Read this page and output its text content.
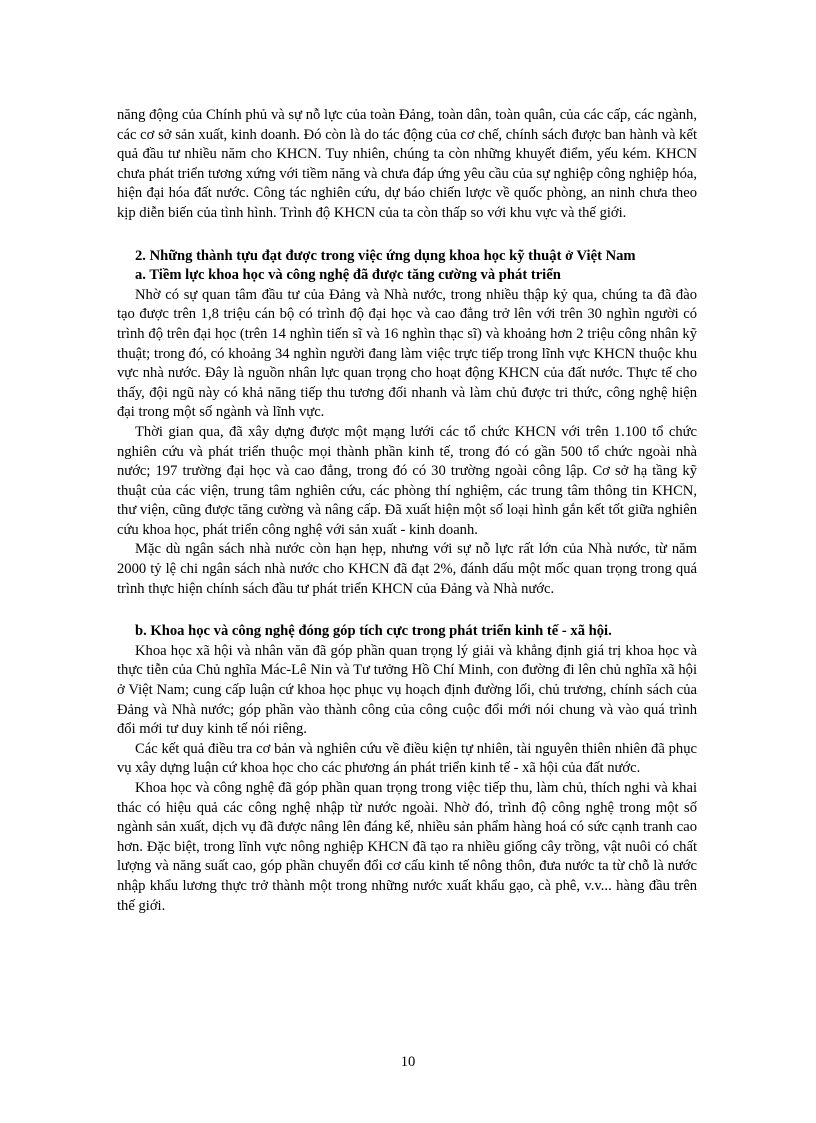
năng động của Chính phủ và sự nỗ lực của toàn Đảng, toàn dân, toàn quân, của các cấp, các ngành, các cơ sở sản xuất, kinh doanh. Đó còn là do tác động của cơ chế, chính sách được ban hành và kết quả đầu tư nhiều năm cho KHCN. Tuy nhiên, chúng ta còn những khuyết điểm, yếu kém. KHCN chưa phát triển tương xứng với tiềm năng và chưa đáp ứng yêu cầu của sự nghiệp công nghiệp hóa, hiện đại hóa đất nước. Công tác nghiên cứu, dự báo chiến lược về quốc phòng, an ninh chưa theo kịp diễn biến của tình hình. Trình độ KHCN của ta còn thấp so với khu vực và thế giới.

2. Những thành tựu đạt được trong việc ứng dụng khoa học kỹ thuật ở Việt Nam

a. Tiềm lực khoa học và công nghệ đã được tăng cường và phát triển

Nhờ có sự quan tâm đầu tư của Đảng và Nhà nước, trong nhiều thập kỷ qua, chúng ta đã đào tạo được trên 1,8 triệu cán bộ có trình độ đại học và cao đẳng trở lên với trên 30 nghìn người có trình độ trên đại học (trên 14 nghìn tiến sĩ và 16 nghìn thạc sĩ) và khoảng hơn 2 triệu công nhân kỹ thuật; trong đó, có khoảng 34 nghìn người đang làm việc trực tiếp trong lĩnh vực KHCN thuộc khu vực nhà nước. Đây là nguồn nhân lực quan trọng cho hoạt động KHCN của đất nước. Thực tế cho thấy, đội ngũ này có khả năng tiếp thu tương đối nhanh và làm chủ được tri thức, công nghệ hiện đại trong một số ngành và lĩnh vực.

Thời gian qua, đã xây dựng được một mạng lưới các tổ chức KHCN với trên 1.100 tổ chức nghiên cứu và phát triển thuộc mọi thành phần kinh tế, trong đó có gần 500 tổ chức ngoài nhà nước; 197 trường đại học và cao đẳng, trong đó có 30 trường ngoài công lập. Cơ sở hạ tầng kỹ thuật của các viện, trung tâm nghiên cứu, các phòng thí nghiệm, các trung tâm thông tin KHCN, thư viện, cũng được tăng cường và nâng cấp. Đã xuất hiện một số loại hình gắn kết tốt giữa nghiên cứu khoa học, phát triển công nghệ với sản xuất - kinh doanh.

Mặc dù ngân sách nhà nước còn hạn hẹp, nhưng với sự nỗ lực rất lớn của Nhà nước, từ năm 2000 tỷ lệ chi ngân sách nhà nước cho KHCN đã đạt 2%, đánh dấu một mốc quan trọng trong quá trình thực hiện chính sách đầu tư phát triển KHCN của Đảng và Nhà nước.

b. Khoa học và công nghệ đóng góp tích cực trong phát triển kinh tế - xã hội.

Khoa học xã hội và nhân văn đã góp phần quan trọng lý giải và khẳng định giá trị khoa học và thực tiễn của Chủ nghĩa Mác-Lê Nin và Tư tưởng Hồ Chí Minh, con đường đi lên chủ nghĩa xã hội ở Việt Nam; cung cấp luận cứ khoa học phục vụ hoạch định đường lối, chủ trương, chính sách của Đảng và Nhà nước; góp phần vào thành công của công cuộc đổi mới nói chung và vào quá trình đổi mới tư duy kinh tế nói riêng.

Các kết quả điều tra cơ bản và nghiên cứu về điều kiện tự nhiên, tài nguyên thiên nhiên đã phục vụ xây dựng luận cứ khoa học cho các phương án phát triển kinh tế - xã hội của đất nước.

Khoa học và công nghệ đã góp phần quan trọng trong việc tiếp thu, làm chủ, thích nghi và khai thác có hiệu quả các công nghệ nhập từ nước ngoài. Nhờ đó, trình độ công nghệ trong một số ngành sản xuất, dịch vụ đã được nâng lên đáng kể, nhiều sản phẩm hàng hoá có sức cạnh tranh cao hơn. Đặc biệt, trong lĩnh vực nông nghiệp KHCN đã tạo ra nhiều giống cây trồng, vật nuôi có chất lượng và năng suất cao, góp phần chuyển đổi cơ cấu kinh tế nông thôn, đưa nước ta từ chỗ là nước nhập khẩu lương thực trở thành một trong những nước xuất khẩu gạo, cà phê, v.v... hàng đầu trên thế giới.

10
